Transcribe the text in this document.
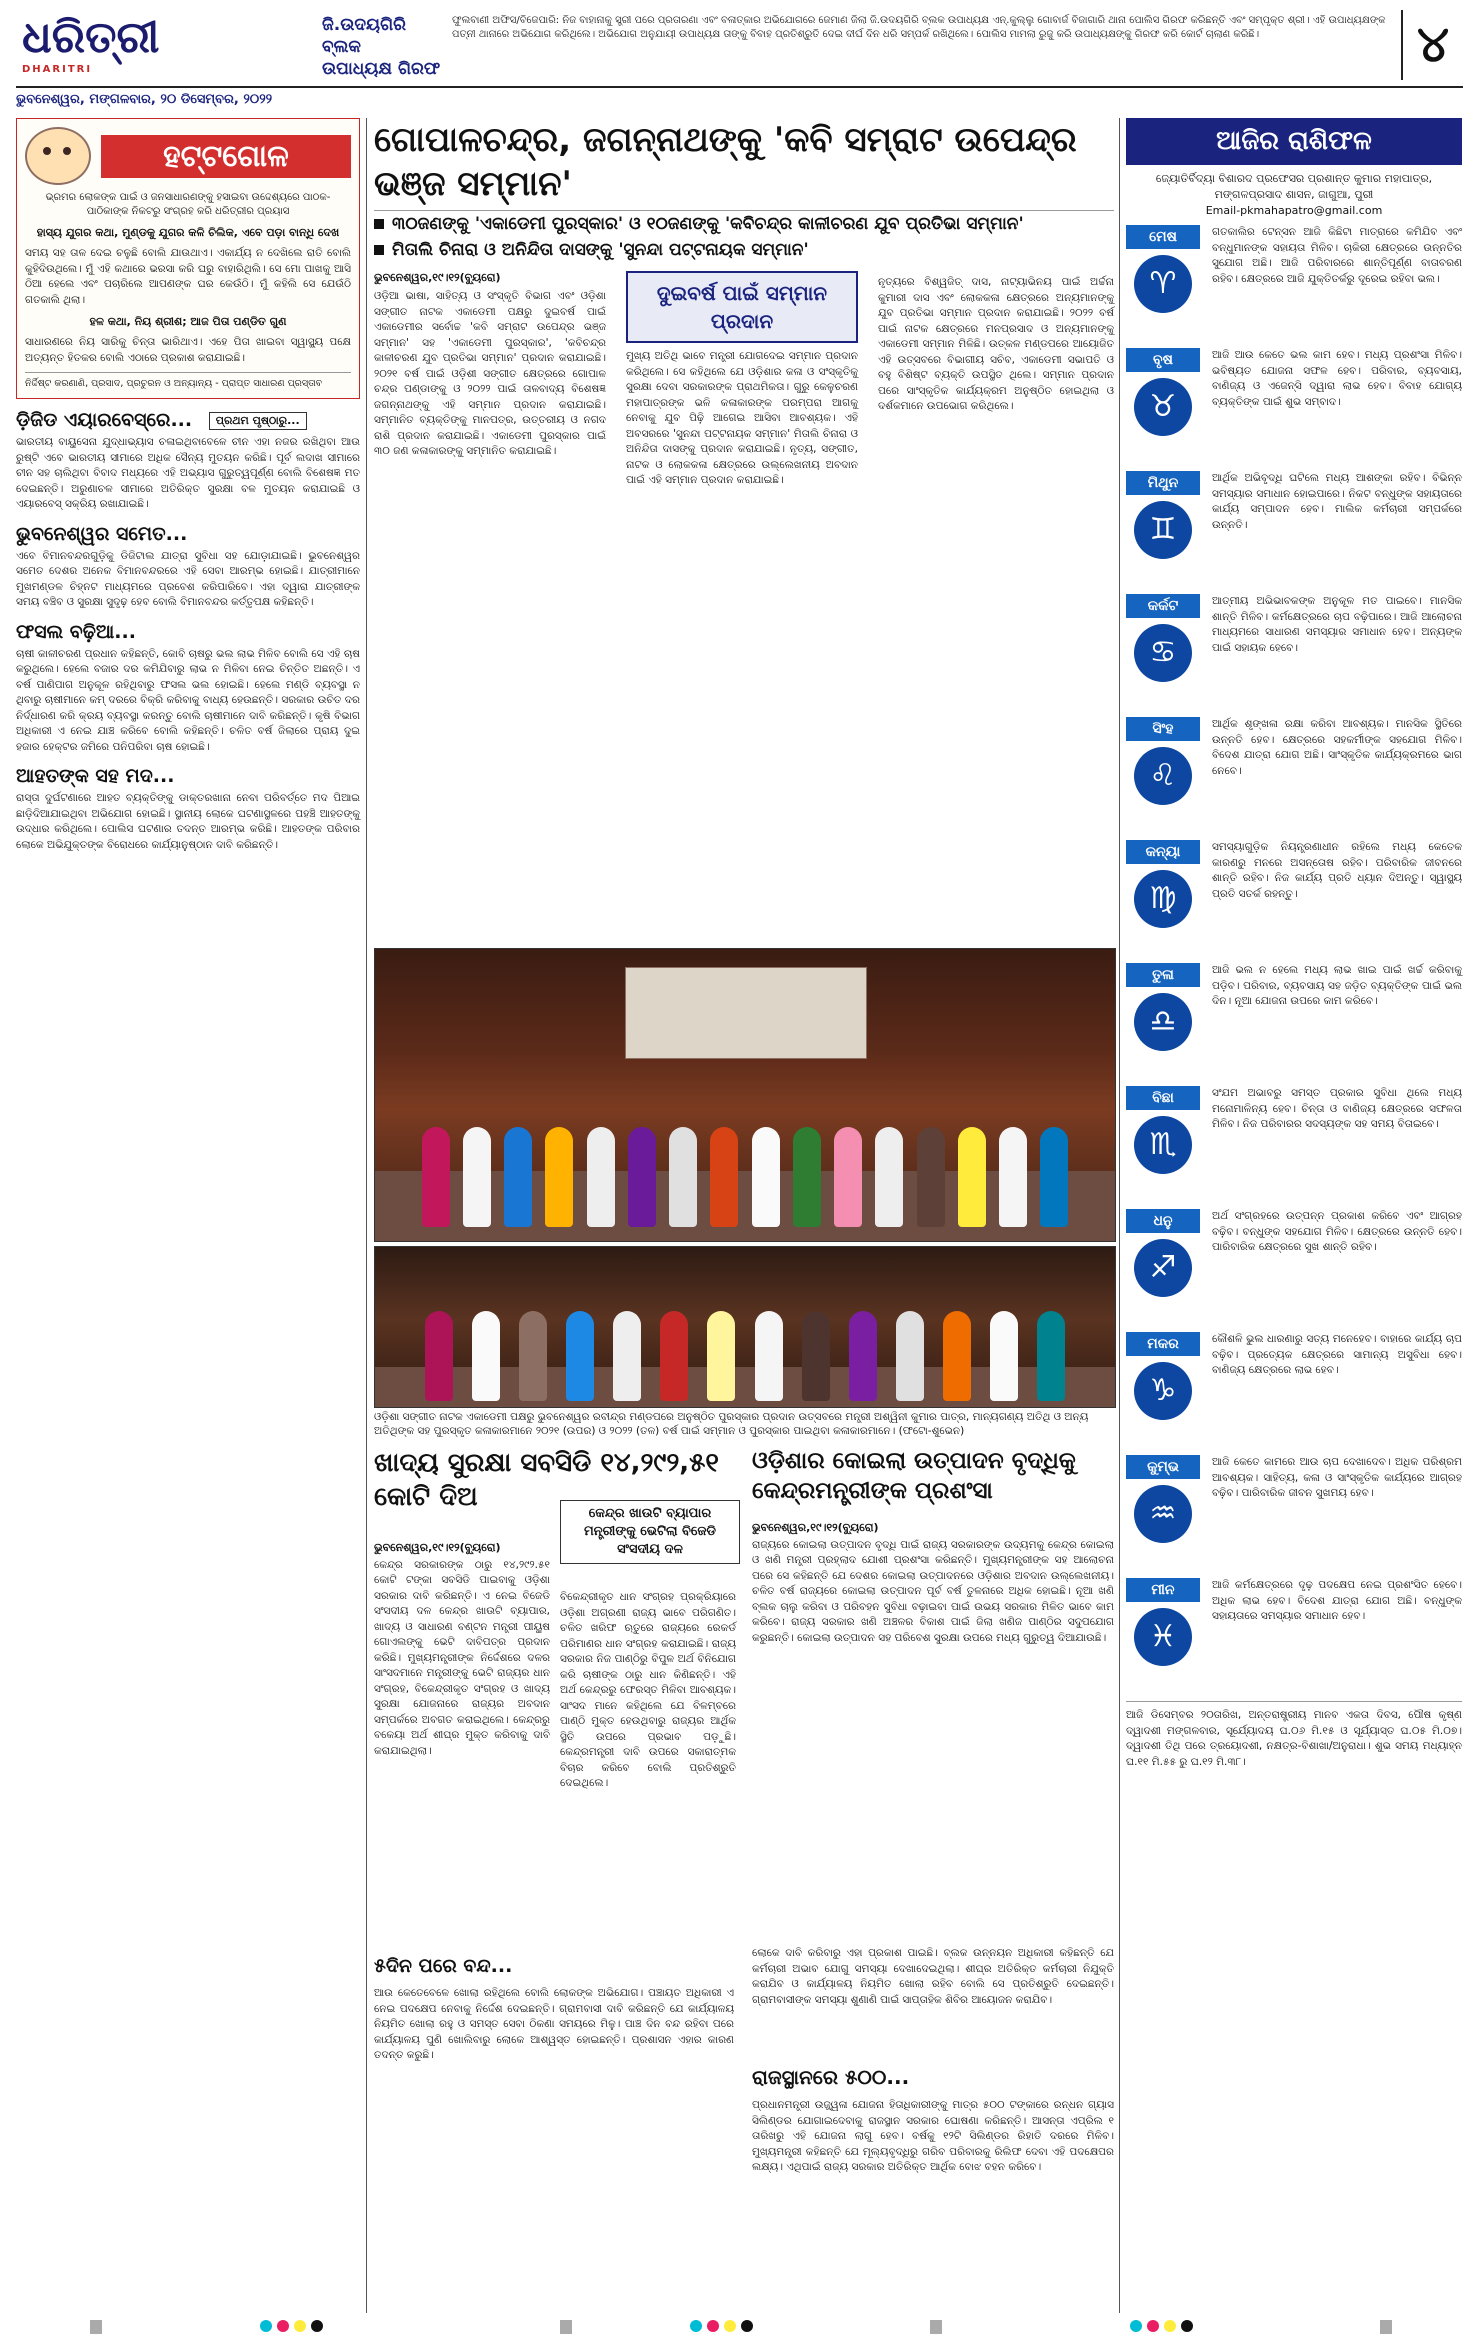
ଧରିତ୍ରୀ
DHARITRI
ଜି.ଉଦୟଗିରି ବ୍ଲକ
ଉପାଧ୍ୟକ୍ଷ ଗିରଫ
ଫୁଲବାଣୀ ଅଫିସ/ବିଜେପାରି: ନିଜ ବାହାନାକୁ ସ୍ତ୍ରୀ ପରେ ପ୍ରତାରଣା ଏବଂ ବଳାତ୍କାର ଅଭିଯୋଗରେ ଜେମାଣ ଜିଲା ଜି.ଉଦୟଗିରି ବ୍ଲକ ଉପାଧ୍ୟକ୍ଷ ଏନ୍.କୁଲ୍ଲୁ ଗୋବାର୍ଜ ବିଜାଗାରି ଥାନା ପୋଲିସ ଗିରଫ କରିଛନ୍ତି ଏବଂ ସମ୍ପୃକ୍ତ ଶ୍ରୀ। ଏହି ଉପାଧ୍ୟକ୍ଷଙ୍କ ପତ୍ନୀ ଥାନାରେ ଅଭିଯୋଗ କରିଥିଲେ। ଅଭିଯୋଗ ଅନୁଯାୟୀ ଉପାଧ୍ୟକ୍ଷ ତାଙ୍କୁ ବିବାହ ପ୍ରତିଶ୍ରୁତି ଦେଇ ଦୀର୍ଘ ଦିନ ଧରି ସମ୍ପର୍କ ରଖିଥିଲେ। ପୋଲିସ ମାମଲା ରୁଜୁ କରି ଉପାଧ୍ୟକ୍ଷଙ୍କୁ ଗିରଫ କରି କୋର୍ଟ ଚାଲାଣ କରିଛି।	୪
ଭୁବନେଶ୍ୱର, ମଙ୍ଗଳବାର, ୨୦ ଡିସେମ୍ବର, ୨୦୨୨
ହଟ୍ଟଗୋଳ
ଭ୍ରମର ଲୋକଙ୍କ ପାଇଁ ଓ ଜନସାଧାରଣଙ୍କୁ ହସାଇବା ଉଦ୍ଦେଶ୍ୟରେ ପାଠକ-ପାଠିକାଙ୍କ ନିକଟରୁ ସଂଗ୍ରହ କରି ଧରିତ୍ରୀର ପ୍ରୟାସ
ହାସ୍ୟ ଯୁଗର କଥା, ମୁଣ୍ଡକୁ ଯୁଗର କଳି ଚିଲିକ, ଏବେ ପଡ଼ା ବାନ୍ଧି ଦେଖ
ସମୟ ସହ ତାଳ ଦେଇ ଚଳୁଛି ବୋଲି ଯାଉଥାଏ। ଏକାର୍ଯ୍ୟ ନ ଦେଖିଲେ ରାତି ବୋଲି କୁହିଦିଉଥିଲେ। ମୁଁ ଏହି କଥାରେ ଭରସା କରି ଘରୁ ବାହାରିଥିଲି। ସେ ମୋ ପାଖକୁ ଆସି ଠିଆ ହେଲେ ଏବଂ ପଚାରିଲେ ଆପଣଙ୍କ ଘର କେଉଁଠି। ମୁଁ କହିଲି ସେ ଯେଉଁଠି ଗତକାଲି ଥିଲା।
ହଳ କଥା, ନିୟ ଶ୍ରୀଶ; ଆଜ ପିତା ପଣ୍ଡିତ ଗୁଣ
ସାଧାରଣରେ ନିୟ ସାରିକୁ ଚିନ୍ତା ଭାରିଥାଏ। ଏହେ ପିତା ଖାଇବା ସ୍ୱାସ୍ଥ୍ୟ ପକ୍ଷେ ଅତ୍ୟନ୍ତ ହିତକର ବୋଲି ଏଠାରେ ପ୍ରକାଶ କରାଯାଇଛି।
ନିର୍ଦ୍ଦିଷ୍ଟ କରଣାଣି, ପ୍ରସାଦ, ପ୍ରଚୁରନ ଓ ଅନ୍ୟାନ୍ୟ - ପ୍ରାପ୍ତ ସାଧାରଣ ପ୍ରସ୍ତାବ
ଡ଼ିଜିଡ ଏୟାରବେସ୍‌ରେ... ପ୍ରଥମ ପୃଷ୍ଠାରୁ...
ଭାରତୀୟ ବାୟୁସେନା ଯୁଦ୍ଧାଭ୍ୟାସ ଚଳାଇଥିବାବେଳେ ଚୀନ ଏହା ନଜର ରଖିଥିବା ଆଉ ରୁଷ୍ଟି ଏବେ ଭାରତୀୟ ସୀମାରେ ଅଧିକ ସୈନ୍ୟ ମୁତୟନ କରିଛି। ପୂର୍ବ ଲଦାଖ ସୀମାରେ ଚୀନ ସହ ଚାଲିଥିବା ବିବାଦ ମଧ୍ୟରେ ଏହି ଅଭ୍ୟାସ ଗୁରୁତ୍ୱପୂର୍ଣ୍ଣ ବୋଲି ବିଶେଷଜ୍ଞ ମତ ଦେଇଛନ୍ତି। ଅରୁଣାଚଳ ସୀମାରେ ଅତିରିକ୍ତ ସୁରକ୍ଷା ବଳ ମୁତୟନ କରାଯାଇଛି ଓ ଏୟାରବେସ୍ ସକ୍ରିୟ ରଖାଯାଇଛି।
ଭୁବନେଶ୍ୱର ସମେତ...
ଏବେ ବିମାନବନ୍ଦରଗୁଡ଼ିକୁ ଡିଜିଟାଲ ଯାତ୍ରା ସୁବିଧା ସହ ଯୋଡ଼ାଯାଇଛି। ଭୁବନେଶ୍ୱର ସମେତ ଦେଶର ଅନେକ ବିମାନବନ୍ଦରରେ ଏହି ସେବା ଆରମ୍ଭ ହୋଇଛି। ଯାତ୍ରୀମାନେ ମୁଖମଣ୍ଡଳ ଚିହ୍ନଟ ମାଧ୍ୟମରେ ପ୍ରବେଶ କରିପାରିବେ। ଏହା ଦ୍ୱାରା ଯାତ୍ରୀଙ୍କ ସମୟ ବଞ୍ଚିବ ଓ ସୁରକ୍ଷା ସୁଦୃଢ଼ ହେବ ବୋଲି ବିମାନବନ୍ଦର କର୍ତ୍ତୃପକ୍ଷ କହିଛନ୍ତି।
ଫସଲ ବଢ଼ିଆ...
ଚାଷୀ କାଳୀଚରଣ ପ୍ରଧାନ କହିଛନ୍ତି, କୋବି ଚାଷରୁ ଭଲ ଲାଭ ମିଳିବ ବୋଲି ସେ ଏହି ଚାଷ କରୁଥିଲେ। ହେଲେ ବଜାର ଦର କମିଯିବାରୁ ଲାଭ ନ ମିଳିବା ନେଇ ଚିନ୍ତିତ ଅଛନ୍ତି। ଏ ବର୍ଷ ପାଣିପାଗ ଅନୁକୂଳ ରହିଥିବାରୁ ଫସଲ ଭଲ ହୋଇଛି। ହେଲେ ମଣ୍ଡି ବ୍ୟବସ୍ଥା ନ ଥିବାରୁ ଚାଷୀମାନେ କମ୍ ଦରରେ ବିକ୍ରି କରିବାକୁ ବାଧ୍ୟ ହେଉଛନ୍ତି। ସରକାର ଉଚିତ ଦର ନିର୍ଦ୍ଧାରଣ କରି କ୍ରୟ ବ୍ୟବସ୍ଥା କରନ୍ତୁ ବୋଲି ଚାଷୀମାନେ ଦାବି କରିଛନ୍ତି। କୃଷି ବିଭାଗ ଅଧିକାରୀ ଏ ନେଇ ଯାଞ୍ଚ କରିବେ ବୋଲି କହିଛନ୍ତି। ଚଳିତ ବର୍ଷ ଜିଲାରେ ପ୍ରାୟ ଦୁଇ ହଜାର ହେକ୍ଟର ଜମିରେ ପନିପରିବା ଚାଷ ହୋଇଛି।
ଆହତଙ୍କ ସହ ମଦ...
ରାସ୍ତା ଦୁର୍ଘଟଣାରେ ଆହତ ବ୍ୟକ୍ତିଙ୍କୁ ଡାକ୍ତରଖାନା ନେବା ପରିବର୍ତ୍ତେ ମଦ ପିଆଇ ଛାଡ଼ିଦିଆଯାଇଥିବା ଅଭିଯୋଗ ହୋଇଛି। ସ୍ଥାନୀୟ ଲୋକେ ଘଟଣାସ୍ଥଳରେ ପହଞ୍ଚି ଆହତଙ୍କୁ ଉଦ୍ଧାର କରିଥିଲେ। ପୋଲିସ ଘଟଣାର ତଦନ୍ତ ଆରମ୍ଭ କରିଛି। ଆହତଙ୍କ ପରିବାର ଲୋକେ ଅଭିଯୁକ୍ତଙ୍କ ବିରୋଧରେ କାର୍ଯ୍ୟାନୁଷ୍ଠାନ ଦାବି କରିଛନ୍ତି।
ଗୋପାଳଚନ୍ଦ୍ର, ଜଗନ୍ନାଥଙ୍କୁ 'କବି ସମ୍ରାଟ ଉପେନ୍ଦ୍ର ଭଞ୍ଜ ସମ୍ମାନ'
୩୦ଜଣଙ୍କୁ 'ଏକାଡେମୀ ପୁରସ୍କାର' ଓ ୧୦ଜଣଙ୍କୁ 'କବିଚନ୍ଦ୍ର କାଳୀଚରଣ ଯୁବ ପ୍ରତିଭା ସମ୍ମାନ'
ମିତାଲି ଚିନାରା ଓ ଅନିନ୍ଦିତା ଦାସଙ୍କୁ 'ସୁନନ୍ଦା ପଟ୍ଟନାୟକ ସମ୍ମାନ'
ଭୁବନେଶ୍ୱର,୧୯।୧୨(ବ୍ୟୁରୋ)
ଓଡ଼ିଆ ଭାଷା, ସାହିତ୍ୟ ଓ ସଂସ୍କୃତି ବିଭାଗ ଏବଂ ଓଡ଼ିଶା ସଙ୍ଗୀତ ନାଟକ ଏକାଡେମୀ ପକ୍ଷରୁ ଦୁଇବର୍ଷ ପାଇଁ ଏକାଡେମୀର ସର୍ବୋଚ୍ଚ 'କବି ସମ୍ରାଟ ଉପେନ୍ଦ୍ର ଭଞ୍ଜ ସମ୍ମାନ' ସହ 'ଏକାଡେମୀ ପୁରସ୍କାର', 'କବିଚନ୍ଦ୍ର କାଳୀଚରଣ ଯୁବ ପ୍ରତିଭା ସମ୍ମାନ' ପ୍ରଦାନ କରାଯାଇଛି। ୨୦୨୧ ବର୍ଷ ପାଇଁ ଓଡ଼ିଶୀ ସଙ୍ଗୀତ କ୍ଷେତ୍ରରେ ଗୋପାଳ ଚନ୍ଦ୍ର ପଣ୍ଡାଙ୍କୁ ଓ ୨୦୨୨ ପାଇଁ ତାଳବାଦ୍ୟ ବିଶେଷଜ୍ଞ ଜଗନ୍ନାଥଙ୍କୁ ଏହି ସମ୍ମାନ ପ୍ରଦାନ କରାଯାଇଛି। ସମ୍ମାନିତ ବ୍ୟକ୍ତିଙ୍କୁ ମାନପତ୍ର, ଉତ୍ତରୀୟ ଓ ନଗଦ ରାଶି ପ୍ରଦାନ କରାଯାଇଛି। ଏକାଡେମୀ ପୁରସ୍କାର ପାଇଁ ୩୦ ଜଣ କଳାକାରଙ୍କୁ ସମ୍ମାନିତ କରାଯାଇଛି।
ଦୁଇବର୍ଷ ପାଇଁ ସମ୍ମାନ ପ୍ରଦାନ
ମୁଖ୍ୟ ଅତିଥି ଭାବେ ମନ୍ତ୍ରୀ ଯୋଗଦେଇ ସମ୍ମାନ ପ୍ରଦାନ କରିଥିଲେ। ସେ କହିଥିଲେ ଯେ ଓଡ଼ିଶାର କଳା ଓ ସଂସ୍କୃତିକୁ ସୁରକ୍ଷା ଦେବା ସରକାରଙ୍କ ପ୍ରାଥମିକତା। ଗୁରୁ କେଳୁଚରଣ ମହାପାତ୍ରଙ୍କ ଭଳି କଳାକାରଙ୍କ ପରମ୍ପରା ଆଗକୁ ନେବାକୁ ଯୁବ ପିଢ଼ି ଆଗେଇ ଆସିବା ଆବଶ୍ୟକ। ଏହି ଅବସରରେ 'ସୁନନ୍ଦା ପଟ୍ଟନାୟକ ସମ୍ମାନ' ମିତାଲି ଚିନାରା ଓ ଅନିନ୍ଦିତା ଦାସଙ୍କୁ ପ୍ରଦାନ କରାଯାଇଛି। ନୃତ୍ୟ, ସଙ୍ଗୀତ, ନାଟକ ଓ ଲୋକକଳା କ୍ଷେତ୍ରରେ ଉଲ୍ଲେଖନୀୟ ଅବଦାନ ପାଇଁ ଏହି ସମ୍ମାନ ପ୍ରଦାନ କରାଯାଇଛି।
ନୃତ୍ୟରେ ବିଶ୍ୱଜିତ୍ ଦାସ, ନାଟ୍ୟାଭିନୟ ପାଇଁ ଅର୍ଚ୍ଚନା କୁମାରୀ ଦାସ ଏବଂ ଲୋକକଳା କ୍ଷେତ୍ରରେ ଅନ୍ୟମାନଙ୍କୁ ଯୁବ ପ୍ରତିଭା ସମ୍ମାନ ପ୍ରଦାନ କରାଯାଇଛି। ୨୦୨୨ ବର୍ଷ ପାଇଁ ନାଟକ କ୍ଷେତ୍ରରେ ମନପ୍ରସାଦ ଓ ଅନ୍ୟମାନଙ୍କୁ ଏକାଡେମୀ ସମ୍ମାନ ମିଳିଛି। ଉତ୍କଳ ମଣ୍ଡପରେ ଆୟୋଜିତ ଏହି ଉତ୍ସବରେ ବିଭାଗୀୟ ସଚିବ, ଏକାଡେମୀ ସଭାପତି ଓ ବହୁ ବିଶିଷ୍ଟ ବ୍ୟକ୍ତି ଉପସ୍ଥିତ ଥିଲେ। ସମ୍ମାନ ପ୍ରଦାନ ପରେ ସାଂସ୍କୃତିକ କାର୍ଯ୍ୟକ୍ରମ ଅନୁଷ୍ଠିତ ହୋଇଥିଲା ଓ ଦର୍ଶକମାନେ ଉପଭୋଗ କରିଥିଲେ।
ଓଡ଼ିଶା ସଙ୍ଗୀତ ନାଟକ ଏକାଡେମୀ ପକ୍ଷରୁ ଭୁବନେଶ୍ୱର ରବୀନ୍ଦ୍ର ମଣ୍ଡପରେ ଅନୁଷ୍ଠିତ ପୁରସ୍କାର ପ୍ରଦାନ ଉତ୍ସବରେ ମନ୍ତ୍ରୀ ଅଶ୍ୱିନୀ କୁମାର ପାତ୍ର, ମାନ୍ୟଗଣ୍ୟ ଅତିଥି ଓ ଅନ୍ୟ ଅତିଥିଙ୍କ ସହ ପୁରସ୍କୃତ କଳାକାରମାନେ ୨୦୨୧ (ଉପର) ଓ ୨୦୨୨ (ତଳ) ବର୍ଷ ପାଇଁ ସମ୍ମାନ ଓ ପୁରସ୍କାର ପାଇଥିବା କଳାକାରମାନେ। (ଫଟୋ-ଶୁଭେନ)
ଖାଦ୍ୟ ସୁରକ୍ଷା ସବସିଡି ୧୪,୨୯୨,୫୧ କୋଟି ଦିଅ
କେନ୍ଦ୍ର ଖାଉଟି ବ୍ୟାପାର ମନ୍ତ୍ରୀଙ୍କୁ ଭେଟିଲା ବିଜେଡି ସଂସଦୀୟ ଦଳ
ଭୁବନେଶ୍ୱର,୧୯।୧୨(ବ୍ୟୁରୋ)
କେନ୍ଦ୍ର ସରକାରଙ୍କ ଠାରୁ ୧୪,୨୯୨.୫୧ କୋଟି ଟଙ୍କା ସବସିଡି ପାଇବାକୁ ଓଡ଼ିଶା ସରକାର ଦାବି କରିଛନ୍ତି। ଏ ନେଇ ବିଜେଡି ସଂସଦୀୟ ଦଳ କେନ୍ଦ୍ର ଖାଉଟି ବ୍ୟାପାର, ଖାଦ୍ୟ ଓ ସାଧାରଣ ବଣ୍ଟନ ମନ୍ତ୍ରୀ ପୀୟୁଷ ଗୋଏଲଙ୍କୁ ଭେଟି ଦାବିପତ୍ର ପ୍ରଦାନ କରିଛି। ମୁଖ୍ୟମନ୍ତ୍ରୀଙ୍କ ନିର୍ଦ୍ଦେଶରେ ଦଳର ସାଂସଦମାନେ ମନ୍ତ୍ରୀଙ୍କୁ ଭେଟି ରାଜ୍ୟର ଧାନ ସଂଗ୍ରହ, ବିକେନ୍ଦ୍ରୀକୃତ ସଂଗ୍ରହ ଓ ଖାଦ୍ୟ ସୁରକ୍ଷା ଯୋଜନାରେ ରାଜ୍ୟର ଅବଦାନ ସମ୍ପର୍କରେ ଅବଗତ କରାଇଥିଲେ। କେନ୍ଦ୍ରରୁ ବକେୟା ଅର୍ଥ ଶୀଘ୍ର ମୁକ୍ତ କରିବାକୁ ଦାବି କରାଯାଇଥିଲା।
ବିକେନ୍ଦ୍ରୀକୃତ ଧାନ ସଂଗ୍ରହ ପ୍ରକ୍ରିୟାରେ ଓଡ଼ିଶା ଅଗ୍ରଣୀ ରାଜ୍ୟ ଭାବେ ପରିଗଣିତ। ଚଳିତ ଖରିଫ ଋତୁରେ ରାଜ୍ୟରେ ରେକର୍ଡ ପରିମାଣର ଧାନ ସଂଗ୍ରହ କରାଯାଇଛି। ରାଜ୍ୟ ସରକାର ନିଜ ପାଣ୍ଠିରୁ ବିପୁଳ ଅର୍ଥ ବିନିଯୋଗ କରି ଚାଷୀଙ୍କ ଠାରୁ ଧାନ କିଣିଛନ୍ତି। ଏହି ଅର୍ଥ କେନ୍ଦ୍ରରୁ ଫେରସ୍ତ ମିଳିବା ଆବଶ୍ୟକ। ସାଂସଦ ମାନେ କହିଥିଲେ ଯେ ବିଳମ୍ବରେ ପାଣ୍ଠି ମୁକ୍ତ ହେଉଥିବାରୁ ରାଜ୍ୟର ଆର୍ଥିକ ସ୍ଥିତି ଉପରେ ପ୍ରଭାବ ପଡ଼ୁଛି। କେନ୍ଦ୍ରମନ୍ତ୍ରୀ ଦାବି ଉପରେ ସକାରାତ୍ମକ ବିଚାର କରିବେ ବୋଲି ପ୍ରତିଶ୍ରୁତି ଦେଇଥିଲେ।
ଓଡ଼ିଶାର କୋଇଲା ଉତ୍ପାଦନ ବୃଦ୍ଧିକୁ କେନ୍ଦ୍ରମନ୍ତ୍ରୀଙ୍କ ପ୍ରଶଂସା
ଭୁବନେଶ୍ୱର,୧୯।୧୨(ବ୍ୟୁରୋ)
ରାଜ୍ୟରେ କୋଇଲା ଉତ୍ପାଦନ ବୃଦ୍ଧି ପାଇଁ ରାଜ୍ୟ ସରକାରଙ୍କ ଉଦ୍ୟମକୁ କେନ୍ଦ୍ର କୋଇଲା ଓ ଖଣି ମନ୍ତ୍ରୀ ପ୍ରହ୍ଲାଦ ଯୋଶୀ ପ୍ରଶଂସା କରିଛନ୍ତି। ମୁଖ୍ୟମନ୍ତ୍ରୀଙ୍କ ସହ ଆଲୋଚନା ପରେ ସେ କହିଛନ୍ତି ଯେ ଦେଶର କୋଇଲା ଉତ୍ପାଦନରେ ଓଡ଼ିଶାର ଅବଦାନ ଉଲ୍ଲେଖନୀୟ। ଚଳିତ ବର୍ଷ ରାଜ୍ୟରେ କୋଇଲା ଉତ୍ପାଦନ ପୂର୍ବ ବର୍ଷ ତୁଳନାରେ ଅଧିକ ହୋଇଛି। ନୂଆ ଖଣି ବ୍ଲକ ଚାଲୁ କରିବା ଓ ପରିବହନ ସୁବିଧା ବଢ଼ାଇବା ପାଇଁ ଉଭୟ ସରକାର ମିଳିତ ଭାବେ କାମ କରିବେ। ରାଜ୍ୟ ସରକାର ଖଣି ଅଞ୍ଚଳର ବିକାଶ ପାଇଁ ଜିଲା ଖଣିଜ ପାଣ୍ଠିର ସଦୁପଯୋଗ କରୁଛନ୍ତି। କୋଇଲା ଉତ୍ପାଦନ ସହ ପରିବେଶ ସୁରକ୍ଷା ଉପରେ ମଧ୍ୟ ଗୁରୁତ୍ୱ ଦିଆଯାଉଛି।
୫ଦିନ ପରେ ବନ୍ଦ...
ଆଉ କେତେବେଳେ ଖୋଲା ରହିଥିଲେ ବୋଲି ଲୋକଙ୍କ ଅଭିଯୋଗ। ପଞ୍ଚାୟତ ଅଧିକାରୀ ଏ ନେଇ ପଦକ୍ଷେପ ନେବାକୁ ନିର୍ଦ୍ଦେଶ ଦେଇଛନ୍ତି। ଗ୍ରାମବାସୀ ଦାବି କରିଛନ୍ତି ଯେ କାର୍ଯ୍ୟାଳୟ ନିୟମିତ ଖୋଲା ରହୁ ଓ ସମସ୍ତ ସେବା ଠିକଣା ସମୟରେ ମିଳୁ। ପାଞ୍ଚ ଦିନ ବନ୍ଦ ରହିବା ପରେ କାର୍ଯ୍ୟାଳୟ ପୁଣି ଖୋଲିବାରୁ ଲୋକେ ଆଶ୍ୱସ୍ତ ହୋଇଛନ୍ତି। ପ୍ରଶାସନ ଏହାର କାରଣ ତଦନ୍ତ କରୁଛି।
ଲୋକେ ଦାବି କରିବାରୁ ଏହା ପ୍ରକାଶ ପାଇଛି। ବ୍ଲକ ଉନ୍ନୟନ ଅଧିକାରୀ କହିଛନ୍ତି ଯେ କର୍ମଚାରୀ ଅଭାବ ଯୋଗୁ ସମସ୍ୟା ଦେଖାଦେଇଥିଲା। ଶୀଘ୍ର ଅତିରିକ୍ତ କର୍ମଚାରୀ ନିଯୁକ୍ତି କରାଯିବ ଓ କାର୍ଯ୍ୟାଳୟ ନିୟମିତ ଖୋଲା ରହିବ ବୋଲି ସେ ପ୍ରତିଶ୍ରୁତି ଦେଇଛନ୍ତି। ଗ୍ରାମବାସୀଙ୍କ ସମସ୍ୟା ଶୁଣାଣି ପାଇଁ ସାପ୍ତାହିକ ଶିବିର ଆୟୋଜନ କରାଯିବ।
ରାଜସ୍ଥାନରେ ୫୦୦...
ପ୍ରଧାନମନ୍ତ୍ରୀ ଉଜ୍ଜ୍ୱଳା ଯୋଜନା ହିତାଧିକାରୀଙ୍କୁ ମାତ୍ର ୫୦୦ ଟଙ୍କାରେ ରନ୍ଧନ ଗ୍ୟାସ ସିଲିଣ୍ଡର ଯୋଗାଇଦେବାକୁ ରାଜସ୍ଥାନ ସରକାର ଘୋଷଣା କରିଛନ୍ତି। ଆସନ୍ତା ଏପ୍ରିଲ ୧ ତାରିଖରୁ ଏହି ଯୋଜନା ଲାଗୁ ହେବ। ବର୍ଷକୁ ୧୨ଟି ସିଲିଣ୍ଡର ରିହାତି ଦରରେ ମିଳିବ। ମୁଖ୍ୟମନ୍ତ୍ରୀ କହିଛନ୍ତି ଯେ ମୂଲ୍ୟବୃଦ୍ଧିରୁ ଗରିବ ପରିବାରକୁ ରିଲିଫ ଦେବା ଏହି ପଦକ୍ଷେପର ଲକ୍ଷ୍ୟ। ଏଥିପାଇଁ ରାଜ୍ୟ ସରକାର ଅତିରିକ୍ତ ଆର୍ଥିକ ବୋଝ ବହନ କରିବେ।
ଆଜିର ରାଶିଫଳ
ଜ୍ୟୋତିର୍ବିଦ୍ୟା ବିଶାରଦ ପ୍ରଫେସର ପ୍ରଶାନ୍ତ କୁମାର ମହାପାତ୍ର, ମଙ୍ଗଳପ୍ରସାଦ ଶାସନ, ଜାଗୁଆ, ପୁରୀ
Email-pkmahapatro@gmail.com
ମେଷ
♈
ଗତକାଲିର ଟେନ୍‌ସନ ଆଜି କିଛିଟା ମାତ୍ରାରେ କମିଯିବ ଏବଂ ବନ୍ଧୁମାନଙ୍କ ସହାୟତା ମିଳିବ। ଚାକିରୀ କ୍ଷେତ୍ରରେ ଉନ୍ନତିର ସୁଯୋଗ ଅଛି। ଆଜି ପରିବାରରେ ଶାନ୍ତିପୂର୍ଣ୍ଣ ବାତାବରଣ ରହିବ। କ୍ଷେତ୍ରରେ ଆଜି ଯୁକ୍ତିତର୍କରୁ ଦୂରେଇ ରହିବା ଭଲ।
ବୃଷ
♉
ଆଜି ଆଉ କେତେ ଭଲ କାମ ହେବ। ମଧ୍ୟ ପ୍ରଶଂସା ମିଳିବ। ଭବିଷ୍ୟତ ଯୋଜନା ସଫଳ ହେବ। ପରିବାର, ବ୍ୟବସାୟ, ବାଣିଜ୍ୟ ଓ ଏଜେନ୍ସି ଦ୍ୱାରା ଲାଭ ହେବ। ବିବାହ ଯୋଗ୍ୟ ବ୍ୟକ୍ତିଙ୍କ ପାଇଁ ଶୁଭ ସମ୍ବାଦ।
ମିଥୁନ
♊
ଆର୍ଥିକ ଅଭିବୃଦ୍ଧି ଘଟିଲେ ମଧ୍ୟ ଆଶଙ୍କା ରହିବ। ବିଭିନ୍ନ ସମସ୍ୟାର ସମାଧାନ ହୋଇପାରେ। ନିକଟ ବନ୍ଧୁଙ୍କ ସହାୟତାରେ କାର୍ଯ୍ୟ ସମ୍ପାଦନ ହେବ। ମାଲିକ କର୍ମଚାରୀ ସମ୍ପର୍କରେ ଉନ୍ନତି।
କର୍କଟ
♋
ଆତ୍ମୀୟ ଅଭିଭାବକଙ୍କ ଅନୁକୂଳ ମତ ପାଇବେ। ମାନସିକ ଶାନ୍ତି ମିଳିବ। କର୍ମକ୍ଷେତ୍ରରେ ଚାପ ବଢ଼ିପାରେ। ଆଜି ଆଲୋଚନା ମାଧ୍ୟମରେ ସାଧାରଣ ସମସ୍ୟାର ସମାଧାନ ହେବ। ଅନ୍ୟଙ୍କ ପାଇଁ ସହାୟକ ହେବେ।
ସିଂହ
♌
ଆର୍ଥିକ ଶୃଙ୍ଖଳା ରକ୍ଷା କରିବା ଆବଶ୍ୟକ। ମାନସିକ ସ୍ଥିତିରେ ଉନ୍ନତି ହେବ। କ୍ଷେତ୍ରରେ ସହକର୍ମୀଙ୍କ ସହଯୋଗ ମିଳିବ। ବିଦେଶ ଯାତ୍ରା ଯୋଗ ଅଛି। ସାଂସ୍କୃତିକ କାର୍ଯ୍ୟକ୍ରମରେ ଭାଗ ନେବେ।
କନ୍ୟା
♍
ସମସ୍ୟାଗୁଡ଼ିକ ନିୟନ୍ତ୍ରଣାଧୀନ ରହିଲେ ମଧ୍ୟ କେତେକ କାରଣରୁ ମନରେ ଅସନ୍ତୋଷ ରହିବ। ପରିବାରିକ ଜୀବନରେ ଶାନ୍ତି ରହିବ। ନିଜ କାର୍ଯ୍ୟ ପ୍ରତି ଧ୍ୟାନ ଦିଅନ୍ତୁ। ସ୍ୱାସ୍ଥ୍ୟ ପ୍ରତି ସତର୍କ ରହନ୍ତୁ।
ତୁଳା
♎
ଆଜି ଭଲ ନ ହେଲେ ମଧ୍ୟ ଲାଭ ଖାଇ ପାଇଁ ଖର୍ଚ୍ଚ କରିବାକୁ ପଡ଼ିବ। ପରିବାର, ବ୍ୟବସାୟ ସହ ଜଡ଼ିତ ବ୍ୟକ୍ତିଙ୍କ ପାଇଁ ଭଲ ଦିନ। ନୂଆ ଯୋଜନା ଉପରେ କାମ କରିବେ।
ବିଛା
♏
ସଂଯମ ଅଭାବରୁ ସମସ୍ତ ପ୍ରକାର ସୁବିଧା ଥିଲେ ମଧ୍ୟ ମନୋମାଳିନ୍ୟ ହେବ। ଚିନ୍ତା ଓ ବାଣିଜ୍ୟ କ୍ଷେତ୍ରରେ ସଫଳତା ମିଳିବ। ନିଜ ପରିବାରର ସଦସ୍ୟଙ୍କ ସହ ସମୟ ବିତାଇବେ।
ଧନୁ
♐
ଅର୍ଥ ସଂଗ୍ରହରେ ଉତ୍ପନ୍ନ ପ୍ରକାଶ କରିବେ ଏବଂ ଆଗ୍ରହ ବଢ଼ିବ। ବନ୍ଧୁଙ୍କ ସହଯୋଗ ମିଳିବ। କ୍ଷେତ୍ରରେ ଉନ୍ନତି ହେବ। ପାରିବାରିକ କ୍ଷେତ୍ରରେ ସୁଖ ଶାନ୍ତି ରହିବ।
ମକର
♑
କୌଶଳି ଭୁଲ ଧାରଣାରୁ ସତ୍ୟ ମନେହେବ। ବାହାରେ କାର୍ଯ୍ୟ ଚାପ ବଢ଼ିବ। ପ୍ରତ୍ୟେକ କ୍ଷେତ୍ରରେ ସାମାନ୍ୟ ଅସୁବିଧା ହେବ। ବାଣିଜ୍ୟ କ୍ଷେତ୍ରରେ ଲାଭ ହେବ।
କୁମ୍ଭ
♒
ଆଜି କେତେ କାମରେ ଆଉ ଚାପ ଦେଖାଦେବ। ଅଧିକ ପରିଶ୍ରମ ଆବଶ୍ୟକ। ସାହିତ୍ୟ, କଳା ଓ ସାଂସ୍କୃତିକ କାର୍ଯ୍ୟରେ ଆଗ୍ରହ ବଢ଼ିବ। ପାରିବାରିକ ଜୀବନ ସୁଖମୟ ହେବ।
ମୀନ
♓
ଆଜି କର୍ମକ୍ଷେତ୍ରରେ ଦୃଢ଼ ପଦକ୍ଷେପ ନେଇ ପ୍ରଶଂସିତ ହେବେ। ଅଧିକ ଲାଭ ହେବ। ବିଦେଶ ଯାତ୍ରା ଯୋଗ ଅଛି। ବନ୍ଧୁଙ୍କ ସହାୟତାରେ ସମସ୍ୟାର ସମାଧାନ ହେବ।
ଆଜି ଡିସେମ୍ବର ୨୦ତାରିଖ, ଅନ୍ତରାଷ୍ଟ୍ରୀୟ ମାନବ ଏକତା ଦିବସ, ପୌଷ କୃଷ୍ଣ ଦ୍ୱାଦଶୀ ମଙ୍ଗଳବାର, ସୂର୍ଯ୍ୟୋଦୟ ଘ.୦୬ ମି.୧୫ ଓ ସୂର୍ଯ୍ୟାସ୍ତ ଘ.୦୫ ମି.୦୭। ଦ୍ୱାଦଶୀ ତିଥି ପରେ ତ୍ରୟୋଦଶୀ, ନକ୍ଷତ୍ର-ବିଶାଖା/ଅନୁରାଧା। ଶୁଭ ସମୟ ମଧ୍ୟାହ୍ନ ଘ.୧୧ ମି.୫୫ ରୁ ଘ.୧୨ ମି.୩୮।
